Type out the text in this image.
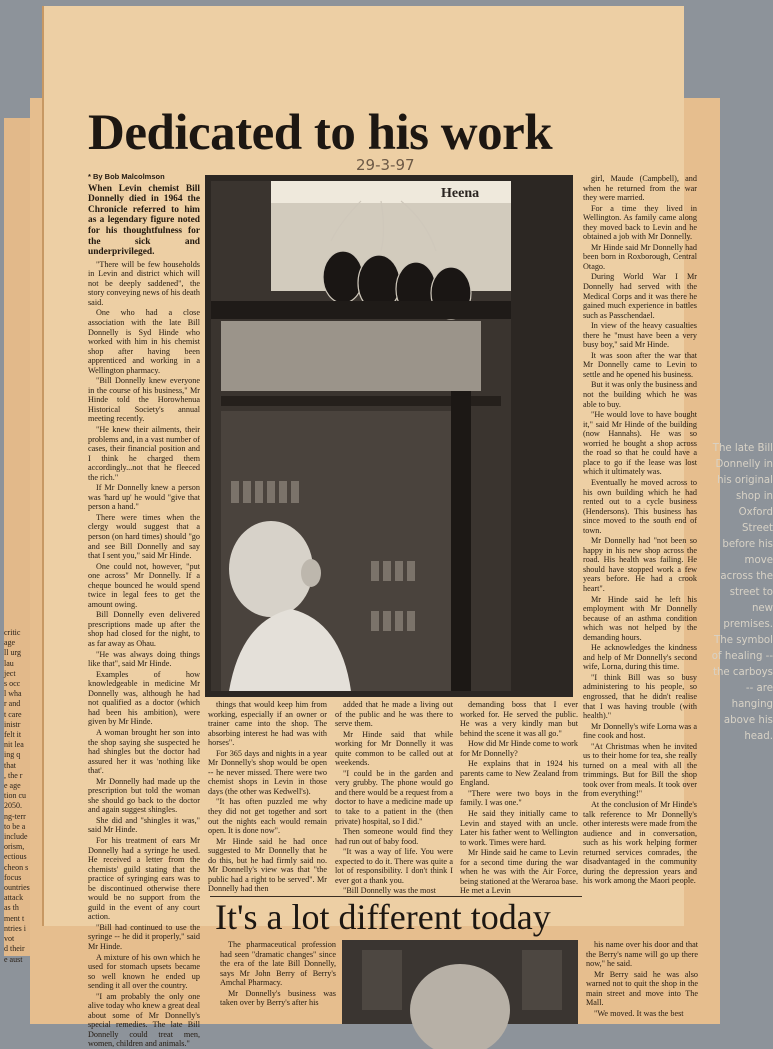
critic
age
ll urg
lau
ject
s occ
l wha
r and
t care
inistr
felt it
nit lea
ing q
that
, the r
e age
tion cu
2050.
ng-terr
to be a
include
orism,
ectious
cheon s
focus
ountries
attack
as th
ment t
ntries i
vot
d their
e aust
Dedicated to his work
29-3-97
* By Bob Malcolmson

When Levin chemist Bill Donnelly died in 1964 the Chronicle referred to him as a legendary figure noted for his thoughtfulness for the sick and underprivileged.

"There will be few households in Levin and district which will not be deeply saddened", the story conveying news of his death said.

One who had a close association with the late Bill Donnelly is Syd Hinde who worked with him in his chemist shop after having been apprenticed and working in a Wellington pharmacy.

"Bill Donnelly knew everyone in the course of his business," Mr Hinde told the Horowhenua Historical Society's annual meeting recently.

"He knew their ailments, their problems and, in a vast number of cases, their financial position and I think he charged them accordingly...not that he fleeced the rich."

If Mr Donnelly knew a person was 'hard up' he would "give that person a hand."

There were times when the clergy would suggest that a person (on hard times) should "go and see Bill Donnelly and say that I sent you," said Mr Hinde.

One could not, however, "put one across" Mr Donnelly. If a cheque bounced he would spend twice in legal fees to get the amount owing.

Bill Donnelly even delivered prescriptions made up after the shop had closed for the night, to as far away as Ohau.

"He was always doing things like that", said Mr Hinde.

Examples of how knowledgeable in medicine Mr Donnelly was, although he had not qualified as a doctor (which had been his ambition), were given by Mr Hinde.

A woman brought her son into the shop saying she suspected he had shingles but the doctor had assured her it was 'nothing like that'.

Mr Donnelly had made up the prescription but told the woman she should go back to the doctor and again suggest shingles.

She did and "shingles it was," said Mr Hinde.

For his treatment of ears Mr Donnelly had a syringe he used. He received a letter from the chemists' guild stating that the practice of syringing ears was to be discontinued otherwise there would be no support from the guild in the event of any court action.

"Bill had continued to use the syringe -- he did it properly," said Mr Hinde.

A mixture of his own which he used for stomach upsets became so well known he ended up sending it all over the country.

"I am probably the only one alive today who knew a great deal about some of Mr Donnelly's special remedies. The late Bill Donnelly could treat men, women, children and animals."

Heena
The late Bill Donnelly in his original shop in Oxford Street before his move across the street to new premises. The symbol of healing -- the carboys -- are hanging above his head.

things that would keep him from working, especially if an owner or trainer came into the shop. The absorbing interest he had was with horses".

For 365 days and nights in a year Mr Donnelly's shop would be open -- he never missed. There were two chemist shops in Levin in those days (the other was Kedwell's).

"It has often puzzled me why they did not get together and sort out the nights each would remain open. It is done now".

Mr Hinde said he had once suggested to Mr Donnelly that he do this, but he had firmly said no. Mr Donnelly's view was that "the public had a right to be served". Mr Donnelly had then

added that he made a living out of the public and he was there to serve them.

Mr Hinde said that while working for Mr Donnelly it was quite common to be called out at weekends.

"I could be in the garden and very grubby. The phone would go and there would be a request from a doctor to have a medicine made up to take to a patient in the (then private) hospital, so I did."

Then someone would find they had run out of baby food.

"It was a way of life. You were expected to do it. There was quite a lot of responsibility. I don't think I ever got a thank you.

"Bill Donnelly was the most

demanding boss that I ever worked for. He served the public. He was a very kindly man but behind the scene it was all go."

How did Mr Hinde come to work for Mr Donnelly?

He explains that in 1924 his parents came to New Zealand from England.

"There were two boys in the family. I was one."

He said they initially came to Levin and stayed with an uncle. Later his father went to Wellington to work. Times were hard.

Mr Hinde said he came to Levin for a second time during the war when he was with the Air Force, being stationed at the Weraroa base. He met a Levin

girl, Maude (Campbell), and when he returned from the war they were married.

For a time they lived in Wellington. As family came along they moved back to Levin and he obtained a job with Mr Donnelly.

Mr Hinde said Mr Donnelly had been born in Roxborough, Central Otago.

During World War I Mr Donnelly had served with the Medical Corps and it was there he gained much experience in battles such as Passchendael.

In view of the heavy casualties there he "must have been a very busy boy," said Mr Hinde.

It was soon after the war that Mr Donnelly came to Levin to settle and he opened his business.

But it was only the business and not the building which he was able to buy.

"He would love to have bought it," said Mr Hinde of the building (now Hannahs). He was so worried he bought a shop across the road so that he could have a place to go if the lease was lost which it ultimately was.

Eventually he moved across to his own building which he had rented out to a cycle business (Hendersons). This business has since moved to the south end of town.

Mr Donnelly had "not been so happy in his new shop across the road. His health was failing. He should have stopped work a few years before. He had a crook heart".

Mr Hinde said he left his employment with Mr Donnelly because of an asthma condition which was not helped by the demanding hours.

He acknowledges the kindness and help of Mr Donnelly's second wife, Lorna, during this time.

"I think Bill was so busy administering to his people, so engrossed, that he didn't realise that I was having trouble (with health)."

Mr Donnelly's wife Lorna was a fine cook and host.

"At Christmas when he invited us to their home for tea, she really turned on a meal with all the trimmings. But for Bill the shop took over from meals. It took over from everything!"

At the conclusion of Mr Hinde's talk reference to Mr Donnelly's other interests were made from the audience and in conversation, such as his work helping former returned services comrades, the disadvantaged in the community during the depression years and his work among the Maori people.

It's a lot different today

The pharmaceutical profession had seen "dramatic changes" since the era of the late Bill Donnelly, says Mr John Berry of Berry's Amchal Pharmacy.

Mr Donnelly's business was taken over by Berry's after his

his name over his door and that the Berry's name will go up there now," he said.

Mr Berry said he was also warned not to quit the shop in the main street and move into The Mall.

"We moved. It was the best
